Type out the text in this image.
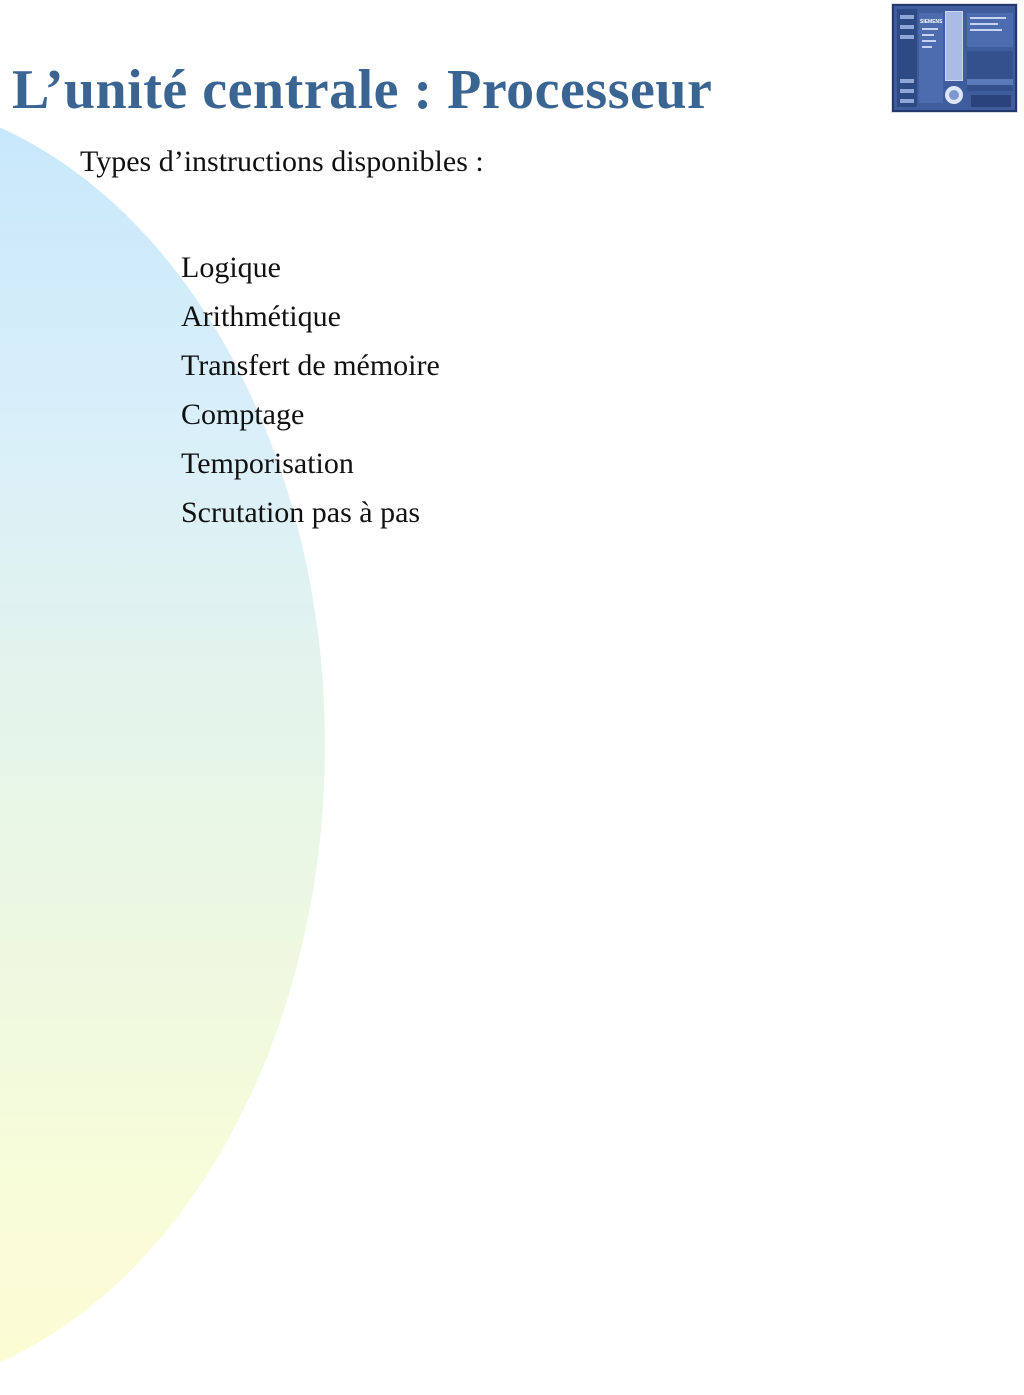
L’unité centrale : Processeur
SIEMENS
Types d’instructions disponibles :
Logique
Arithmétique
Transfert de mémoire
Comptage
Temporisation
Scrutation pas à pas
